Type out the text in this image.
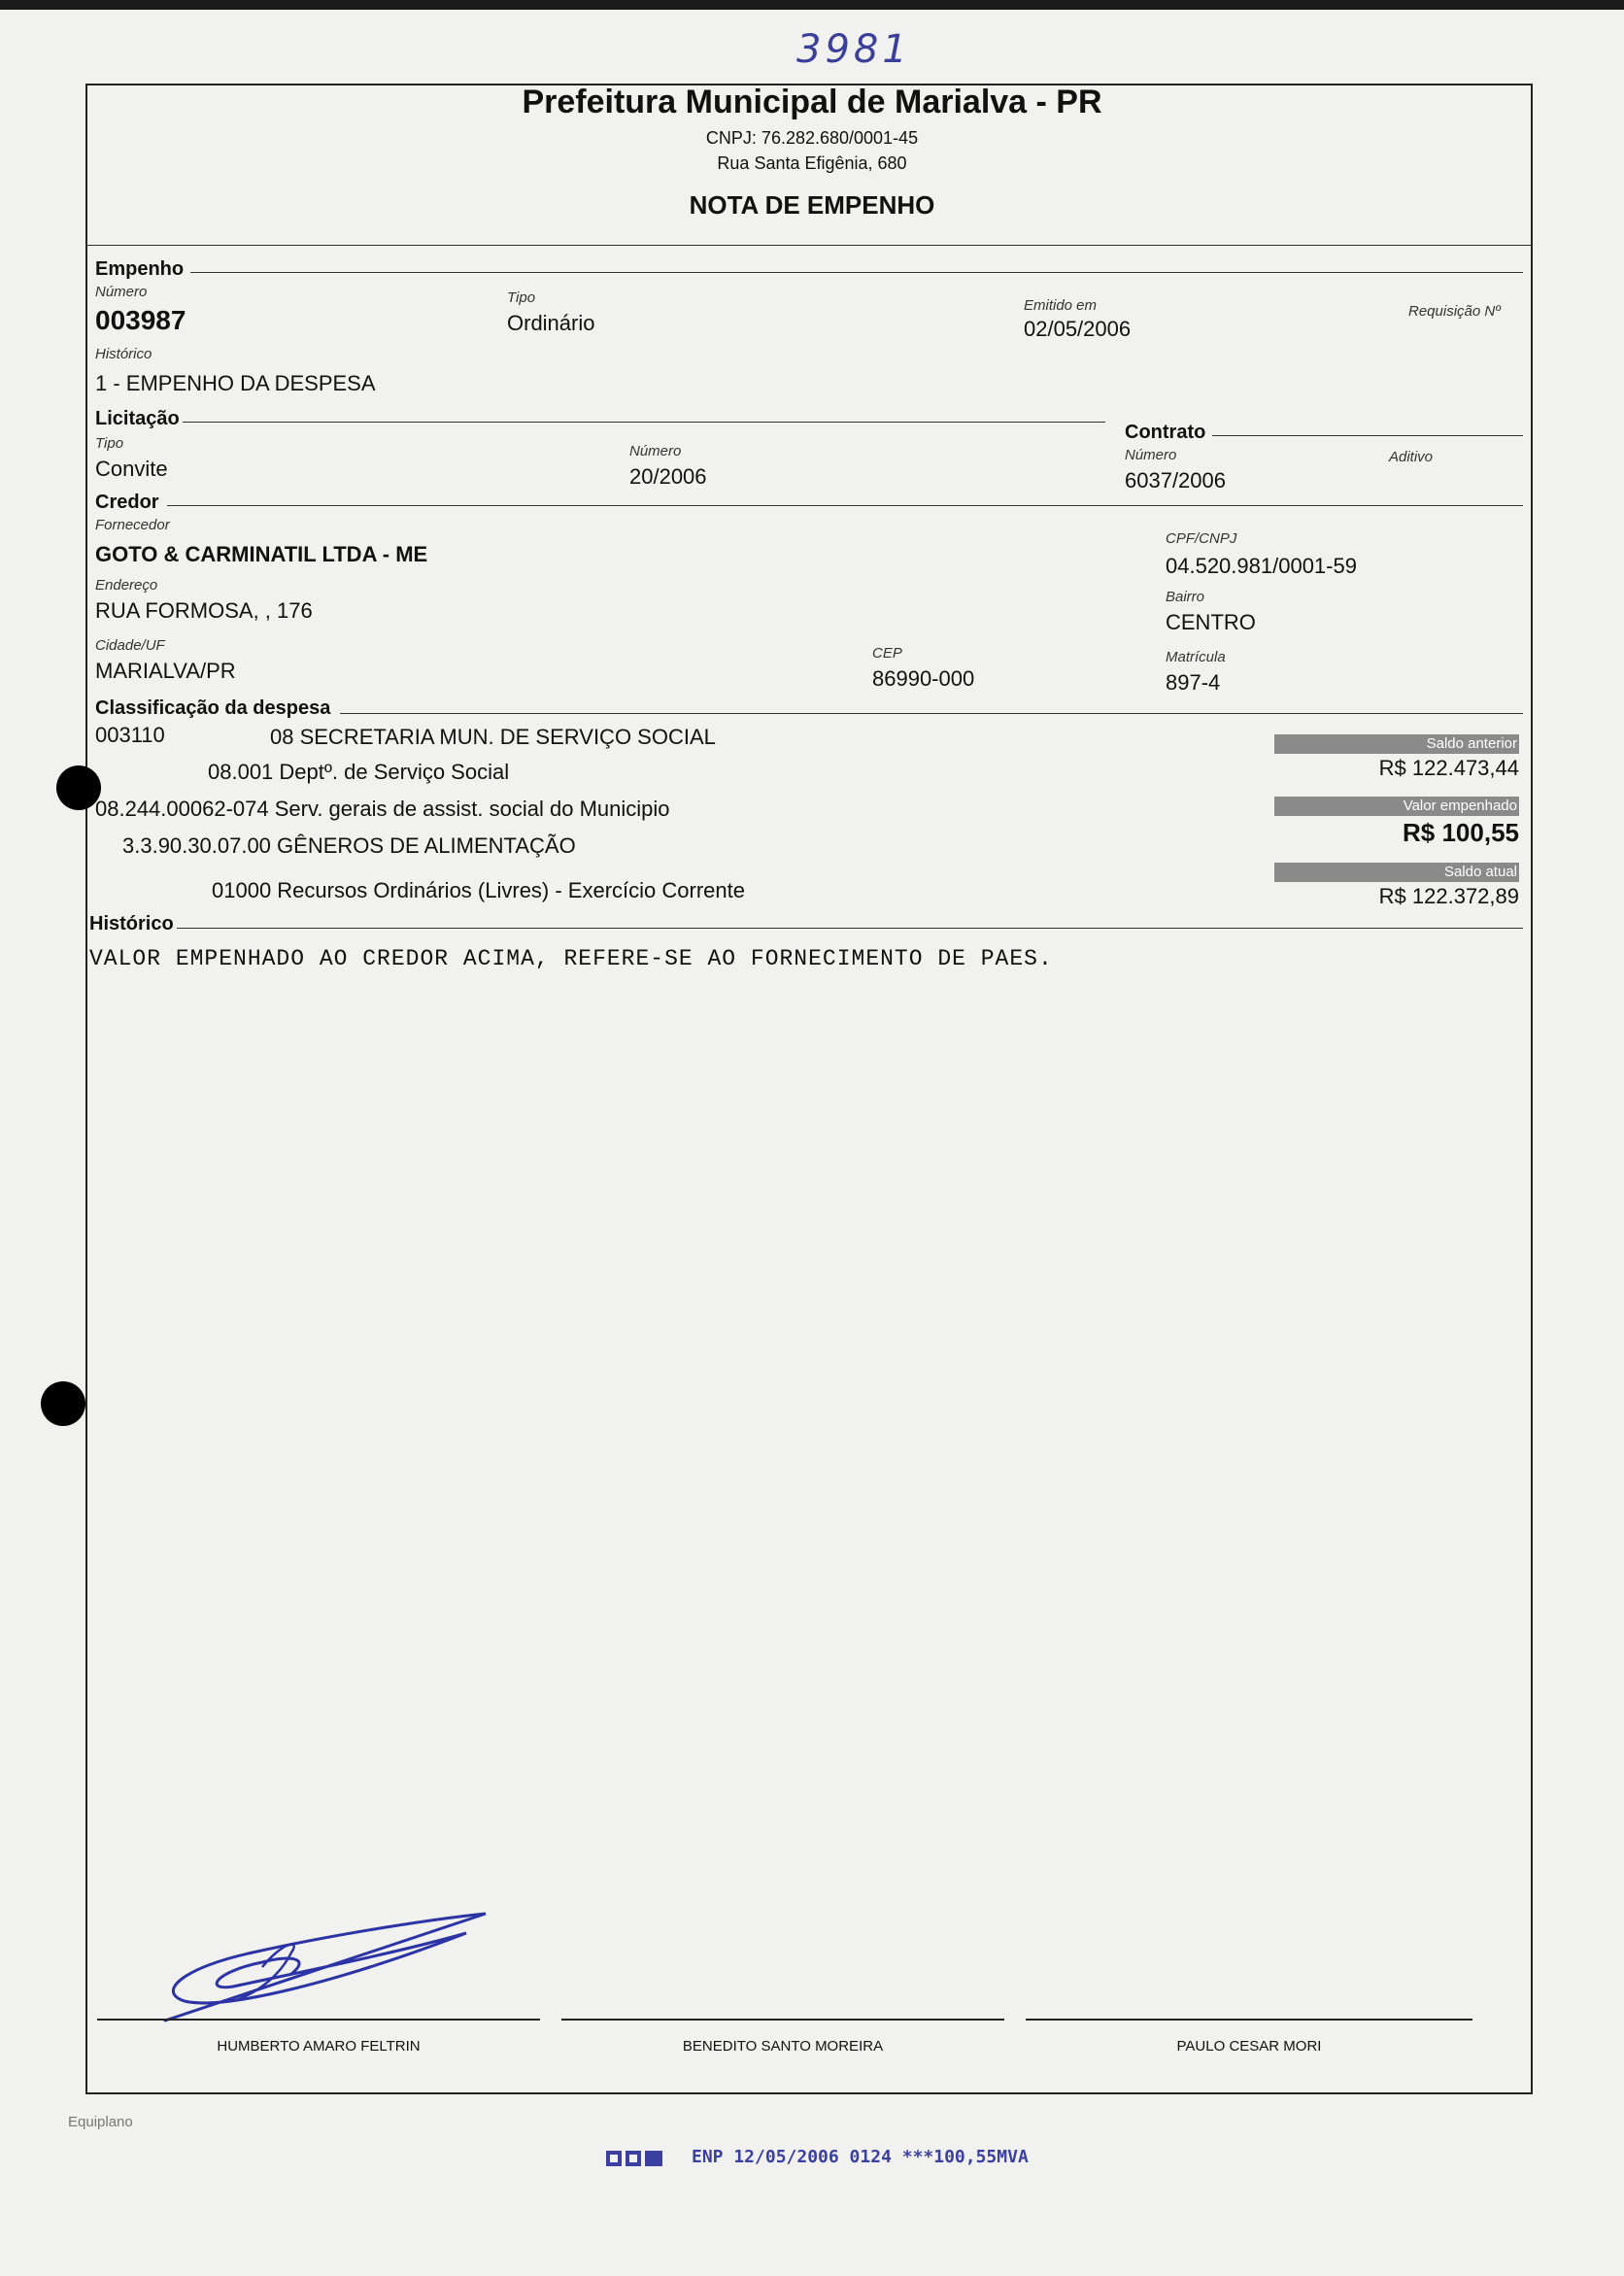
3981
Prefeitura Municipal de Marialva - PR
CNPJ: 76.282.680/0001-45
Rua Santa Efigênia, 680
NOTA DE EMPENHO
Empenho
Número
003987
Tipo
Ordinário
Emitido em
02/05/2006
Requisição Nº
Histórico
1 - EMPENHO DA DESPESA
Licitação
Tipo
Convite
Número
20/2006
Contrato
Número
6037/2006
Aditivo
Credor
Fornecedor
GOTO & CARMINATIL LTDA - ME
CPF/CNPJ
04.520.981/0001-59
Endereço
RUA FORMOSA, , 176
Bairro
CENTRO
Cidade/UF
MARIALVA/PR
CEP
86990-000
Matrícula
897-4
Classificação da despesa
003110	08 SECRETARIA MUN. DE SERVIÇO SOCIAL
08.001 Deptº. de Serviço Social
08.244.00062-074 Serv. gerais de assist. social do Municipio
3.3.90.30.07.00 GÊNEROS DE ALIMENTAÇÃO
01000 Recursos Ordinários (Livres) - Exercício Corrente
Saldo anterior
R$ 122.473,44
Valor empenhado
R$ 100,55
Saldo atual
R$ 122.372,89
Histórico
VALOR EMPENHADO AO CREDOR ACIMA, REFERE-SE AO FORNECIMENTO DE PAES.
HUMBERTO AMARO FELTRIN	BENEDITO SANTO MOREIRA	PAULO CESAR MORI
Equiplano
ENP 12/05/2006 0124 ***100,55MVA
